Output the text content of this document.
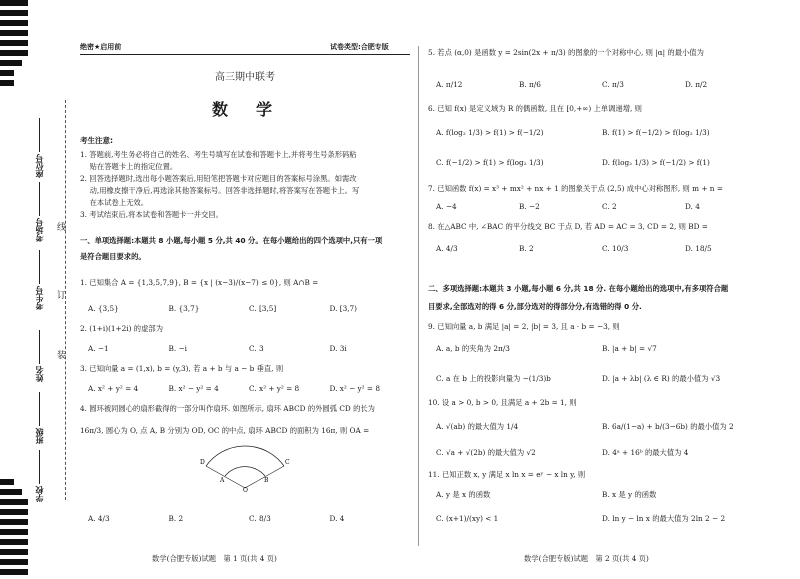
座位号
考场号
考生号
姓名
班级
学校
线
订
装
绝密★启用前	试卷类型:合肥专版
高三期中联考
数　学
考生注意:
1. 答题前,考生务必将自己的姓名、考生号填写在试卷和答题卡上,并将考生号条形码粘
　 贴在答题卡上的指定位置。
2. 回答选择题时,选出每小题答案后,用铅笔把答题卡对应题目的答案标号涂黑。如需改
　 动,用橡皮擦干净后,再选涂其他答案标号。回答非选择题时,将答案写在答题卡上。写
　 在本试卷上无效。
3. 考试结束后,将本试卷和答题卡一并交回。
一、单项选择题:本题共 8 小题,每小题 5 分,共 40 分。在每小题给出的四个选项中,只有一项
是符合题目要求的。
1. 已知集合 A = {1,3,5,7,9}, B = {x | (x−3)/(x−7) ≤ 0}, 则 A∩B =
A. {3,5}	B. {3,7}	C. [3,5]	D. [3,7)
2. (1+i)(1+2i) 的虚部为
A. −1	B. −i	C. 3	D. 3i
3. 已知向量 a = (1,x), b = (y,3), 若 a + b 与 a − b 垂直, 则
A. x² + y² = 4	B. x² − y² = 4	C. x² + y² = 8	D. x² − y² = 8
4. 圆环被同圆心的扇形截得的一部分叫作扇环. 如图所示, 扇环 ABCD 的外圆弧 CD 的长为
16π/3, 圆心为 O, 点 A, B 分别为 OD, OC 的中点, 扇环 ABCD 的面积为 16π, 则 OA =
D	C
A	B
O
A. 4/3	B. 2	C. 8/3	D. 4
数学(合肥专版)试题　第 1 页(共 4 页)
5. 若点 (α,0) 是函数 y = 2sin(2x + π/3) 的图象的一个对称中心, 则 |α| 的最小值为
A. π/12	B. π/6	C. π/3	D. π/2
6. 已知 f(x) 是定义域为 R 的偶函数, 且在 [0,+∞) 上单调递增, 则
A. f(log₂ 1/3) > f(1) > f(−1/2)	B. f(1) > f(−1/2) > f(log₂ 1/3)
C. f(−1/2) > f(1) > f(log₂ 1/3)	D. f(log₂ 1/3) > f(−1/2) > f(1)
7. 已知函数 f(x) = x³ + mx² + nx + 1 的图象关于点 (2,5) 成中心对称图形, 则 m + n =
A. −4	B. −2	C. 2	D. 4
8. 在△ABC 中, ∠BAC 的平分线交 BC 于点 D, 若 AD = AC = 3, CD = 2, 则 BD =
A. 4/3	B. 2	C. 10/3	D. 18/5
二、多项选择题:本题共 3 小题,每小题 6 分,共 18 分. 在每小题给出的选项中,有多项符合题
目要求,全部选对的得 6 分,部分选对的得部分分,有选错的得 0 分.
9. 已知向量 a, b 满足 |a| = 2, |b| = 3, 且 a · b = −3, 则
A. a, b 的夹角为 2π/3	B. |a + b| = √7
C. a 在 b 上的投影向量为 −(1/3)b	D. |a + λb| (λ ∈ R) 的最小值为 √3
10. 设 a > 0, b > 0, 且满足 a + 2b = 1, 则
A. √(ab) 的最大值为 1/4	B. 6a/(1−a) + b/(3−6b) 的最小值为 2
C. √a + √(2b) 的最大值为 √2	D. 4ᵃ + 16ᵇ 的最大值为 4
11. 已知正数 x, y 满足 x ln x = eʸ − x ln y, 则
A. y 是 x 的函数	B. x 是 y 的函数
C. (x+1)/(xy) < 1	D. ln y − ln x 的最大值为 2ln 2 − 2
数学(合肥专版)试题　第 2 页(共 4 页)
